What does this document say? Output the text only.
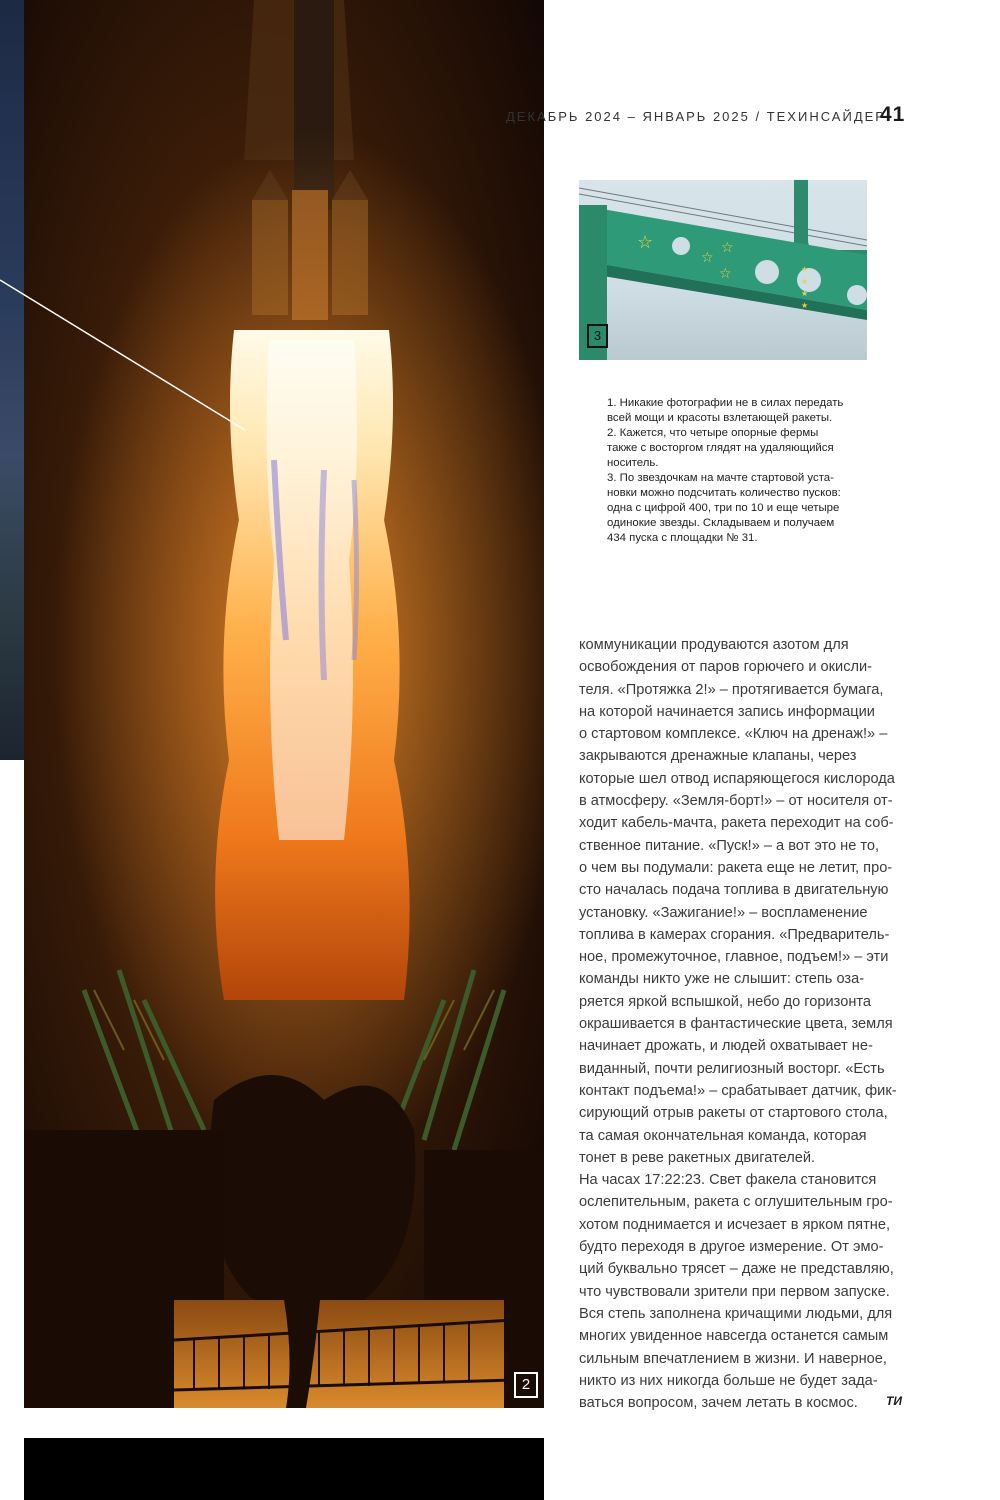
2
ДЕКАБРЬ 2024 – ЯНВАРЬ 2025 / ТЕХИНСАЙДЕР
41
☆
☆
☆
☆	★
★
★
★
3

1. Никакие фотографии не в силах передать

всей мощи и красоты взлетающей ракеты.

2. Кажется, что четыре опорные фермы

также с восторгом глядят на удаляющийся

носитель.

3. По звездочкам на мачте стартовой уста-

новки можно подсчитать количество пусков:

одна с цифрой 400, три по 10 и еще четыре

одинокие звезды. Складываем и получаем

434 пуска с площадки № 31.

коммуникации продуваются азотом для

освобождения от паров горючего и окисли-

теля. «Протяжка 2!» – протягивается бумага,

на которой начинается запись информации

о стартовом комплексе. «Ключ на дренаж!» –

закрываются дренажные клапаны, через

которые шел отвод испаряющегося кислорода

в атмосферу. «Земля-борт!» – от носителя от-

ходит кабель-мачта, ракета переходит на соб-

ственное питание. «Пуск!» – а вот это не то,

о чем вы подумали: ракета еще не летит, про-

сто началась подача топлива в двигательную

установку. «Зажигание!» – воспламенение

топлива в камерах сгорания. «Предваритель-

ное, промежуточное, главное, подъем!» – эти

команды никто уже не слышит: степь оза-

ряется яркой вспышкой, небо до горизонта

окрашивается в фантастические цвета, земля

начинает дрожать, и людей охватывает не-

виданный, почти религиозный восторг. «Есть

контакт подъема!» – срабатывает датчик, фик-

сирующий отрыв ракеты от стартового стола,

та самая окончательная команда, которая

тонет в реве ракетных двигателей.

На часах 17:22:23. Свет факела становится

ослепительным, ракета с оглушительным гро-

хотом поднимается и исчезает в ярком пятне,

будто переходя в другое измерение. От эмо-

ций буквально трясет – даже не представляю,

что чувствовали зрители при первом запуске.

Вся степь заполнена кричащими людьми, для

многих увиденное навсегда останется самым

сильным впечатлением в жизни. И наверное,

никто из них никогда больше не будет зада-

ваться вопросом, зачем летать в космос.	ТИ
